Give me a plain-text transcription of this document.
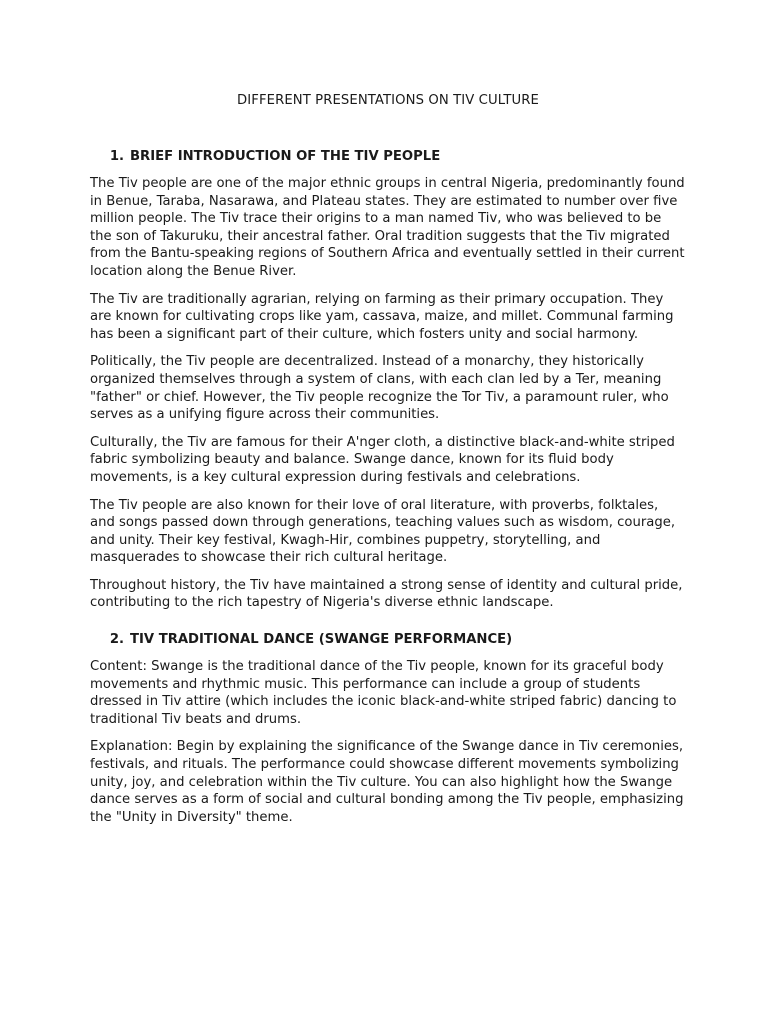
DIFFERENT PRESENTATIONS ON TIV CULTURE
1. BRIEF INTRODUCTION OF THE TIV PEOPLE

The Tiv people are one of the major ethnic groups in central Nigeria, predominantly found in Benue, Taraba, Nasarawa, and Plateau states. They are estimated to number over five million people. The Tiv trace their origins to a man named Tiv, who was believed to be the son of Takuruku, their ancestral father. Oral tradition suggests that the Tiv migrated from the Bantu-speaking regions of Southern Africa and eventually settled in their current location along the Benue River.

The Tiv are traditionally agrarian, relying on farming as their primary occupation. They are known for cultivating crops like yam, cassava, maize, and millet. Communal farming has been a significant part of their culture, which fosters unity and social harmony.

Politically, the Tiv people are decentralized. Instead of a monarchy, they historically organized themselves through a system of clans, with each clan led by a Ter, meaning "father" or chief. However, the Tiv people recognize the Tor Tiv, a paramount ruler, who serves as a unifying figure across their communities.

Culturally, the Tiv are famous for their A'nger cloth, a distinctive black-and-white striped fabric symbolizing beauty and balance. Swange dance, known for its fluid body movements, is a key cultural expression during festivals and celebrations.

The Tiv people are also known for their love of oral literature, with proverbs, folktales, and songs passed down through generations, teaching values such as wisdom, courage, and unity. Their key festival, Kwagh-Hir, combines puppetry, storytelling, and masquerades to showcase their rich cultural heritage.

Throughout history, the Tiv have maintained a strong sense of identity and cultural pride, contributing to the rich tapestry of Nigeria's diverse ethnic landscape.

2. TIV TRADITIONAL DANCE (SWANGE PERFORMANCE)

Content: Swange is the traditional dance of the Tiv people, known for its graceful body movements and rhythmic music. This performance can include a group of students dressed in Tiv attire (which includes the iconic black-and-white striped fabric) dancing to traditional Tiv beats and drums.

Explanation: Begin by explaining the significance of the Swange dance in Tiv ceremonies, festivals, and rituals. The performance could showcase different movements symbolizing unity, joy, and celebration within the Tiv culture. You can also highlight how the Swange dance serves as a form of social and cultural bonding among the Tiv people, emphasizing the "Unity in Diversity" theme.
